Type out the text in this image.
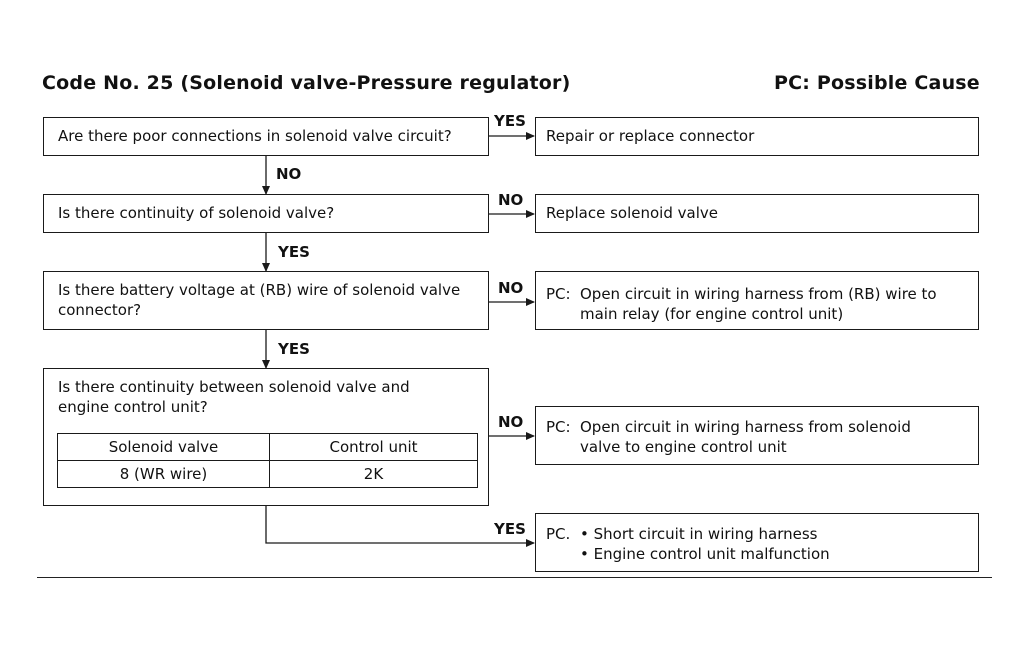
Code No. 25 (Solenoid valve-Pressure regulator)	PC: Possible Cause
YES
NO
NO
YES
NO
YES
NO
YES
Are there poor connections in solenoid valve circuit?
Is there continuity of solenoid valve?
Is there battery voltage at (RB) wire of solenoid valve
connector?
Is there continuity between solenoid valve and
engine control unit?
Solenoid valve	Control unit
8 (WR wire)	2K
Repair or replace connector
Replace solenoid valve
PC: Open circuit in wiring harness from (RB) wire to
main relay (for engine control unit)
PC: Open circuit in wiring harness from solenoid
valve to engine control unit
PC. • Short circuit in wiring harness
• Engine control unit malfunction
